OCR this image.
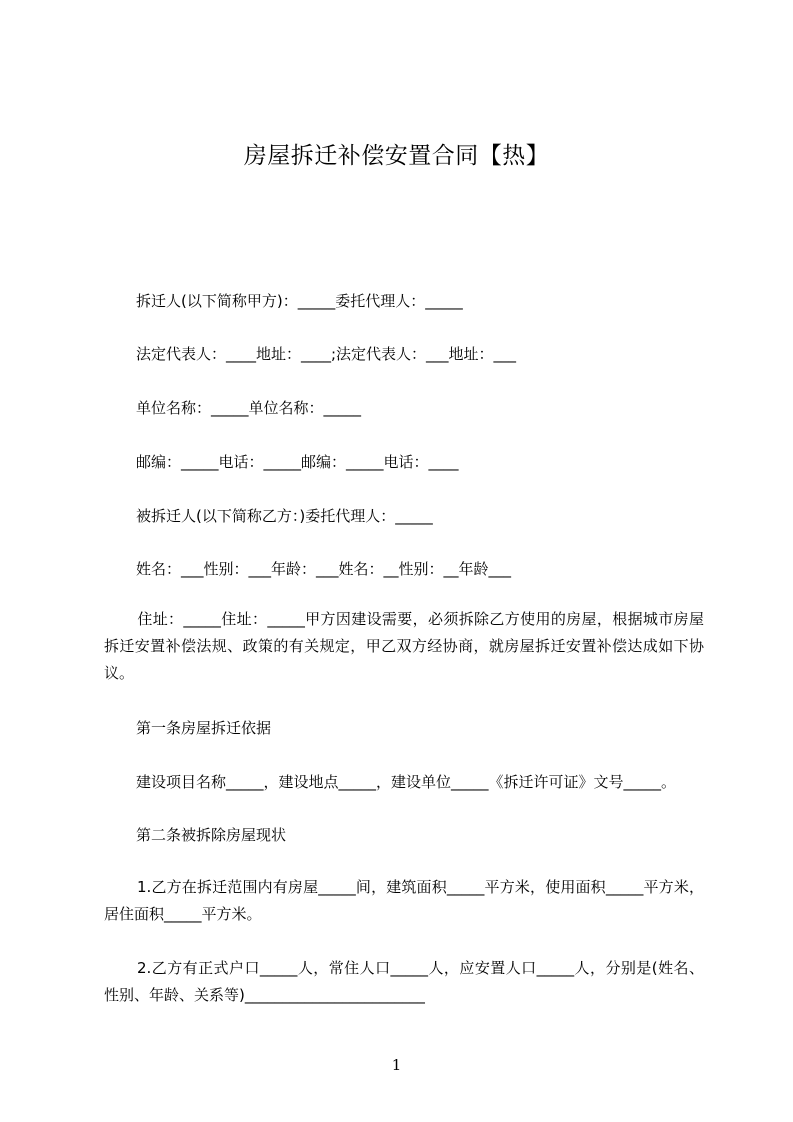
房屋拆迁补偿安置合同【热】
拆迁人(以下简称甲方)：_____委托代理人：_____
法定代表人：____地址：____;法定代表人：___地址：___
单位名称：_____单位名称：_____
邮编：_____电话：_____邮编：_____电话：____
被拆迁人(以下简称乙方：)委托代理人：_____
姓名：___性别：___年龄：___姓名：__性别：__年龄___
住址：_____住址：_____甲方因建设需要，必须拆除乙方使用的房屋，根据城市房屋拆迁安置补偿法规、政策的有关规定，甲乙双方经协商，就房屋拆迁安置补偿达成如下协议。
第一条房屋拆迁依据
建设项目名称_____，建设地点_____，建设单位_____《拆迁许可证》文号_____。
第二条被拆除房屋现状
1.乙方在拆迁范围内有房屋_____间，建筑面积_____平方米，使用面积_____平方米，居住面积_____平方米。
2.乙方有正式户口_____人，常住人口_____人，应安置人口_____人，分别是(姓名、性别、年龄、关系等)________________________
1
